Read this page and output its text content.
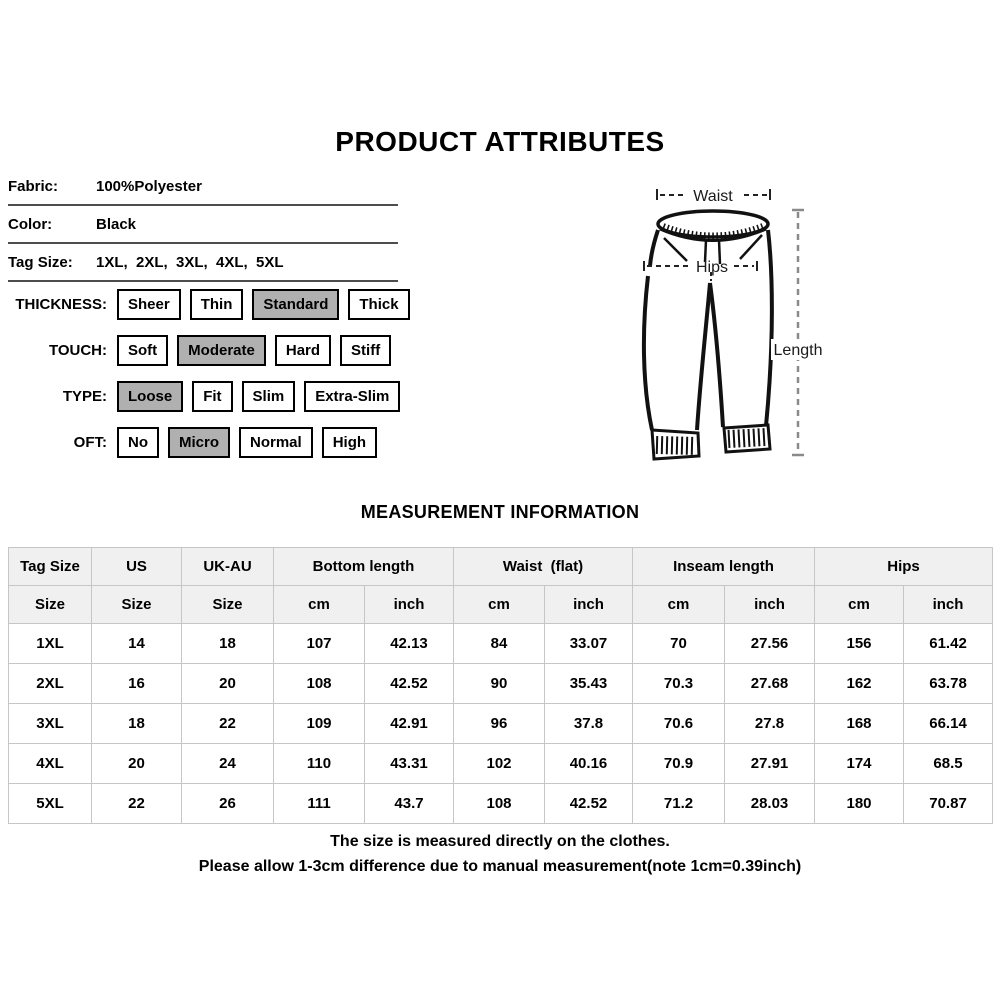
PRODUCT ATTRIBUTES
Fabric:	100%Polyester
Color:	Black
Tag Size:	1XL,  2XL,  3XL,  4XL,  5XL
THICKNESS:	Sheer	Thin	Standard	Thick
TOUCH:	Soft	Moderate	Hard	Stiff
TYPE:	Loose	Fit	Slim	Extra-Slim
OFT:	No	Micro	Normal	High
Waist
Hips
Length
MEASUREMENT INFORMATION
Tag Size	US	UK-AU	Bottom length		Waist  (flat)		Inseam length		Hips	
Size	Size	Size	cm	inch	cm	inch	cm	inch	cm	inch
1XL	14	18	107	42.13	84	33.07	70	27.56	156	61.42
2XL	16	20	108	42.52	90	35.43	70.3	27.68	162	63.78
3XL	18	22	109	42.91	96	37.8	70.6	27.8	168	66.14
4XL	20	24	110	43.31	102	40.16	70.9	27.91	174	68.5
5XL	22	26	111	43.7	108	42.52	71.2	28.03	180	70.87
The size is measured directly on the clothes.
Please allow 1-3cm difference due to manual measurement(note 1cm=0.39inch)
